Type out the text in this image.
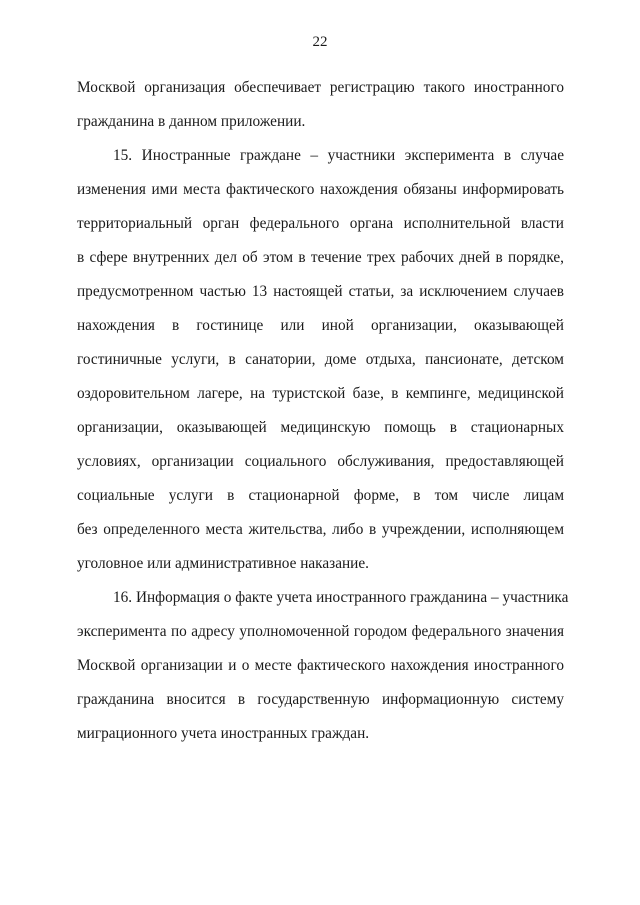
22
Москвой организация обеспечивает регистрацию такого иностранного
гражданина в данном приложении.
15. Иностранные граждане – участники эксперимента в случае
изменения ими места фактического нахождения обязаны информировать
территориальный орган федерального органа исполнительной власти
в сфере внутренних дел об этом в течение трех рабочих дней в порядке,
предусмотренном частью 13 настоящей статьи, за исключением случаев
нахождения в гостинице или иной организации, оказывающей
гостиничные услуги, в санатории, доме отдыха, пансионате, детском
оздоровительном лагере, на туристской базе, в кемпинге, медицинской
организации, оказывающей медицинскую помощь в стационарных
условиях, организации социального обслуживания, предоставляющей
социальные услуги в стационарной форме, в том числе лицам
без определенного места жительства, либо в учреждении, исполняющем
уголовное или административное наказание.
16. Информация о факте учета иностранного гражданина – участника
эксперимента по адресу уполномоченной городом федерального значения
Москвой организации и о месте фактического нахождения иностранного
гражданина вносится в государственную информационную систему
миграционного учета иностранных граждан.
